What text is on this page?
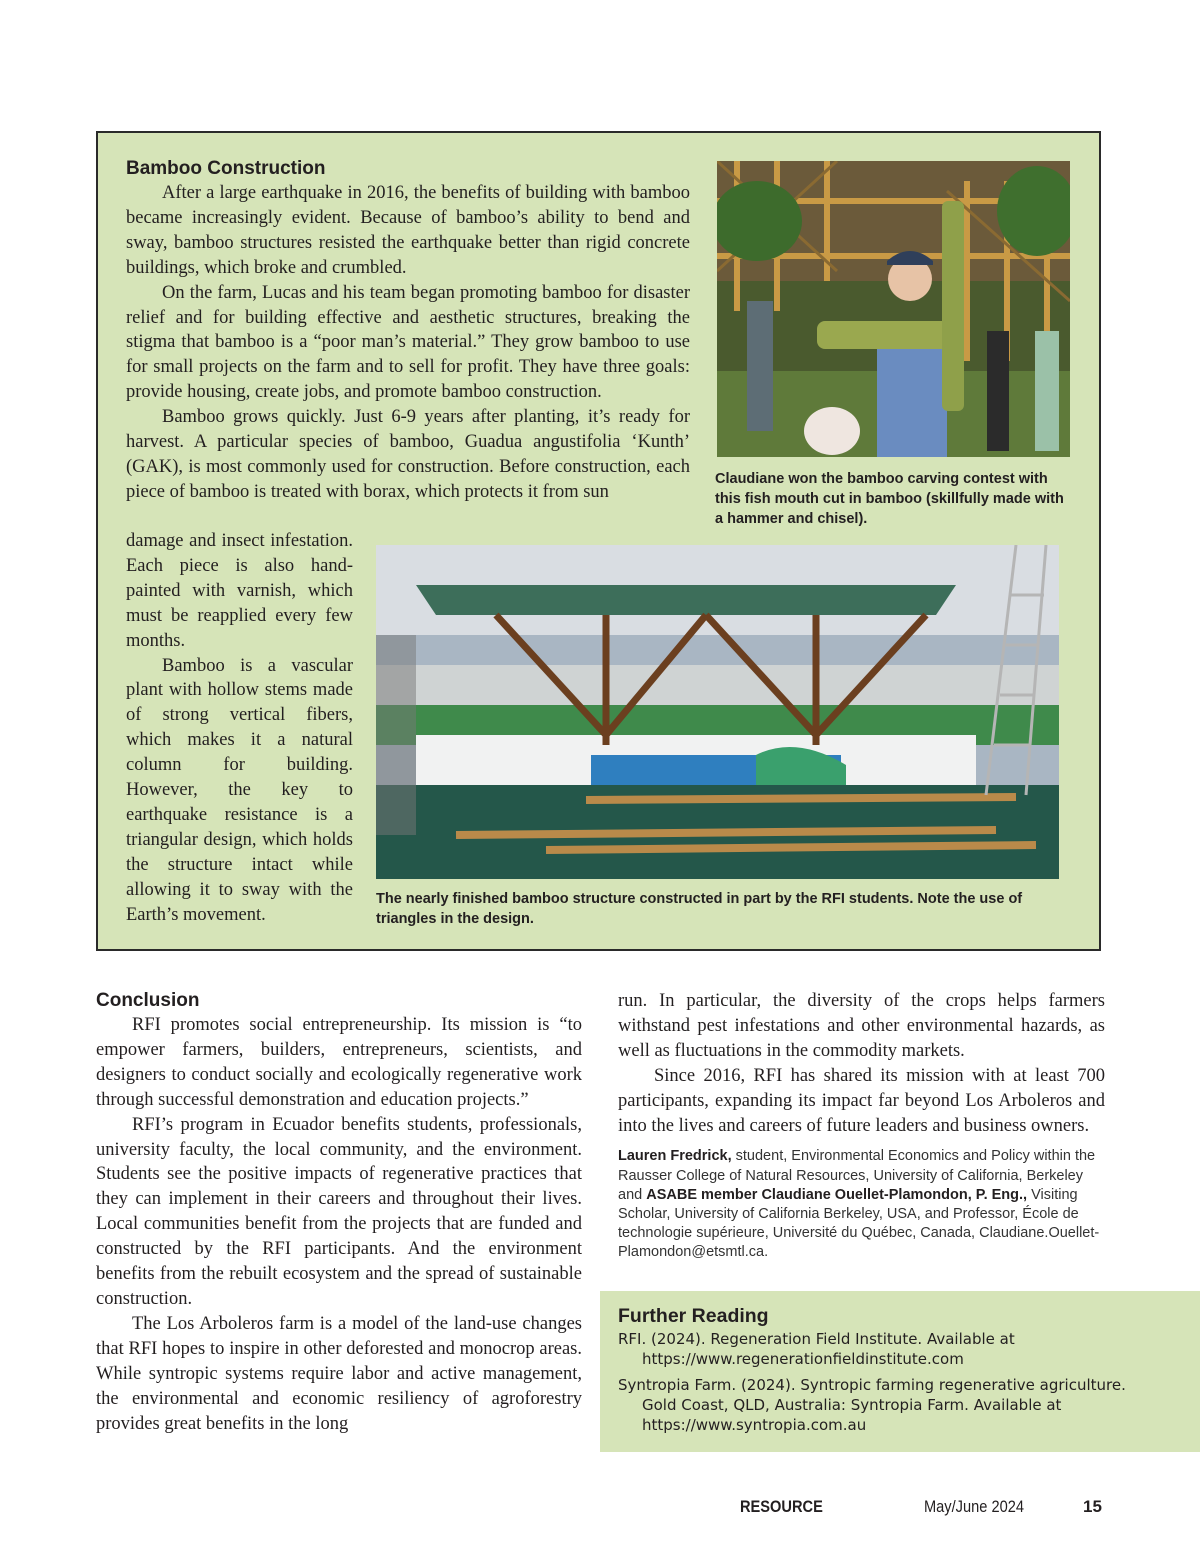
Bamboo Construction

After a large earthquake in 2016, the benefits of building with bamboo became increasingly evident. Because of bamboo’s ability to bend and sway, bamboo structures resisted the earthquake better than rigid concrete buildings, which broke and crumbled.

On the farm, Lucas and his team began promoting bamboo for disaster relief and for building effective and aesthetic structures, breaking the stigma that bamboo is a “poor man’s material.” They grow bamboo to use for small projects on the farm and to sell for profit. They have three goals: provide housing, create jobs, and promote bamboo construction.

Bamboo grows quickly. Just 6-9 years after planting, it’s ready for harvest. A particular species of bamboo, Guadua angustifolia ‘Kunth’ (GAK), is most commonly used for construction. Before construction, each piece of bamboo is treated with borax, which protects it from sun

damage and insect infestation. Each piece is also hand-painted with varnish, which must be reapplied every few months.

Bamboo is a vascular plant with hollow stems made of strong vertical fibers, which makes it a natural column for building. However, the key to earthquake resistance is a triangular design, which holds the structure intact while allowing it to sway with the Earth’s movement.

Claudiane won the bamboo carving contest with this fish mouth cut in bamboo (skillfully made with a hammer and chisel).
The nearly finished bamboo structure constructed in part by the RFI students. Note the use of triangles in the design.
Conclusion

RFI promotes social entrepreneurship. Its mission is “to empower farmers, builders, entrepreneurs, scientists, and designers to conduct socially and ecologically regenerative work through successful demonstration and education projects.”

RFI’s program in Ecuador benefits students, professionals, university faculty, the local community, and the environment. Students see the positive impacts of regenerative practices that they can implement in their careers and throughout their lives. Local communities benefit from the projects that are funded and constructed by the RFI participants. And the environment benefits from the rebuilt ecosystem and the spread of sustainable construction.

The Los Arboleros farm is a model of the land-use changes that RFI hopes to inspire in other deforested and monocrop areas. While syntropic systems require labor and active management, the environmental and economic resiliency of agroforestry provides great benefits in the long

run. In particular, the diversity of the crops helps farmers withstand pest infestations and other environmental hazards, as well as fluctuations in the commodity markets.

Since 2016, RFI has shared its mission with at least 700 participants, expanding its impact far beyond Los Arboleros and into the lives and careers of future leaders and business owners.

Lauren Fredrick, student, Environmental Economics and Policy within the Rausser College of Natural Resources, University of California, Berkeley and ASABE member Claudiane Ouellet-Plamondon, P. Eng., Visiting Scholar, University of California Berkeley, USA, and Professor, École de technologie supérieure, Université du Québec, Canada, Claudiane.Ouellet-Plamondon@etsmtl.ca.
Further Reading
RFI. (2024). Regeneration Field Institute. Available at https://www.regenerationfieldinstitute.com
Syntropia Farm. (2024). Syntropic farming regenerative agriculture. Gold Coast, QLD, Australia: Syntropia Farm. Available at https://www.syntropia.com.au
RESOURCE	May/June 2024	15
